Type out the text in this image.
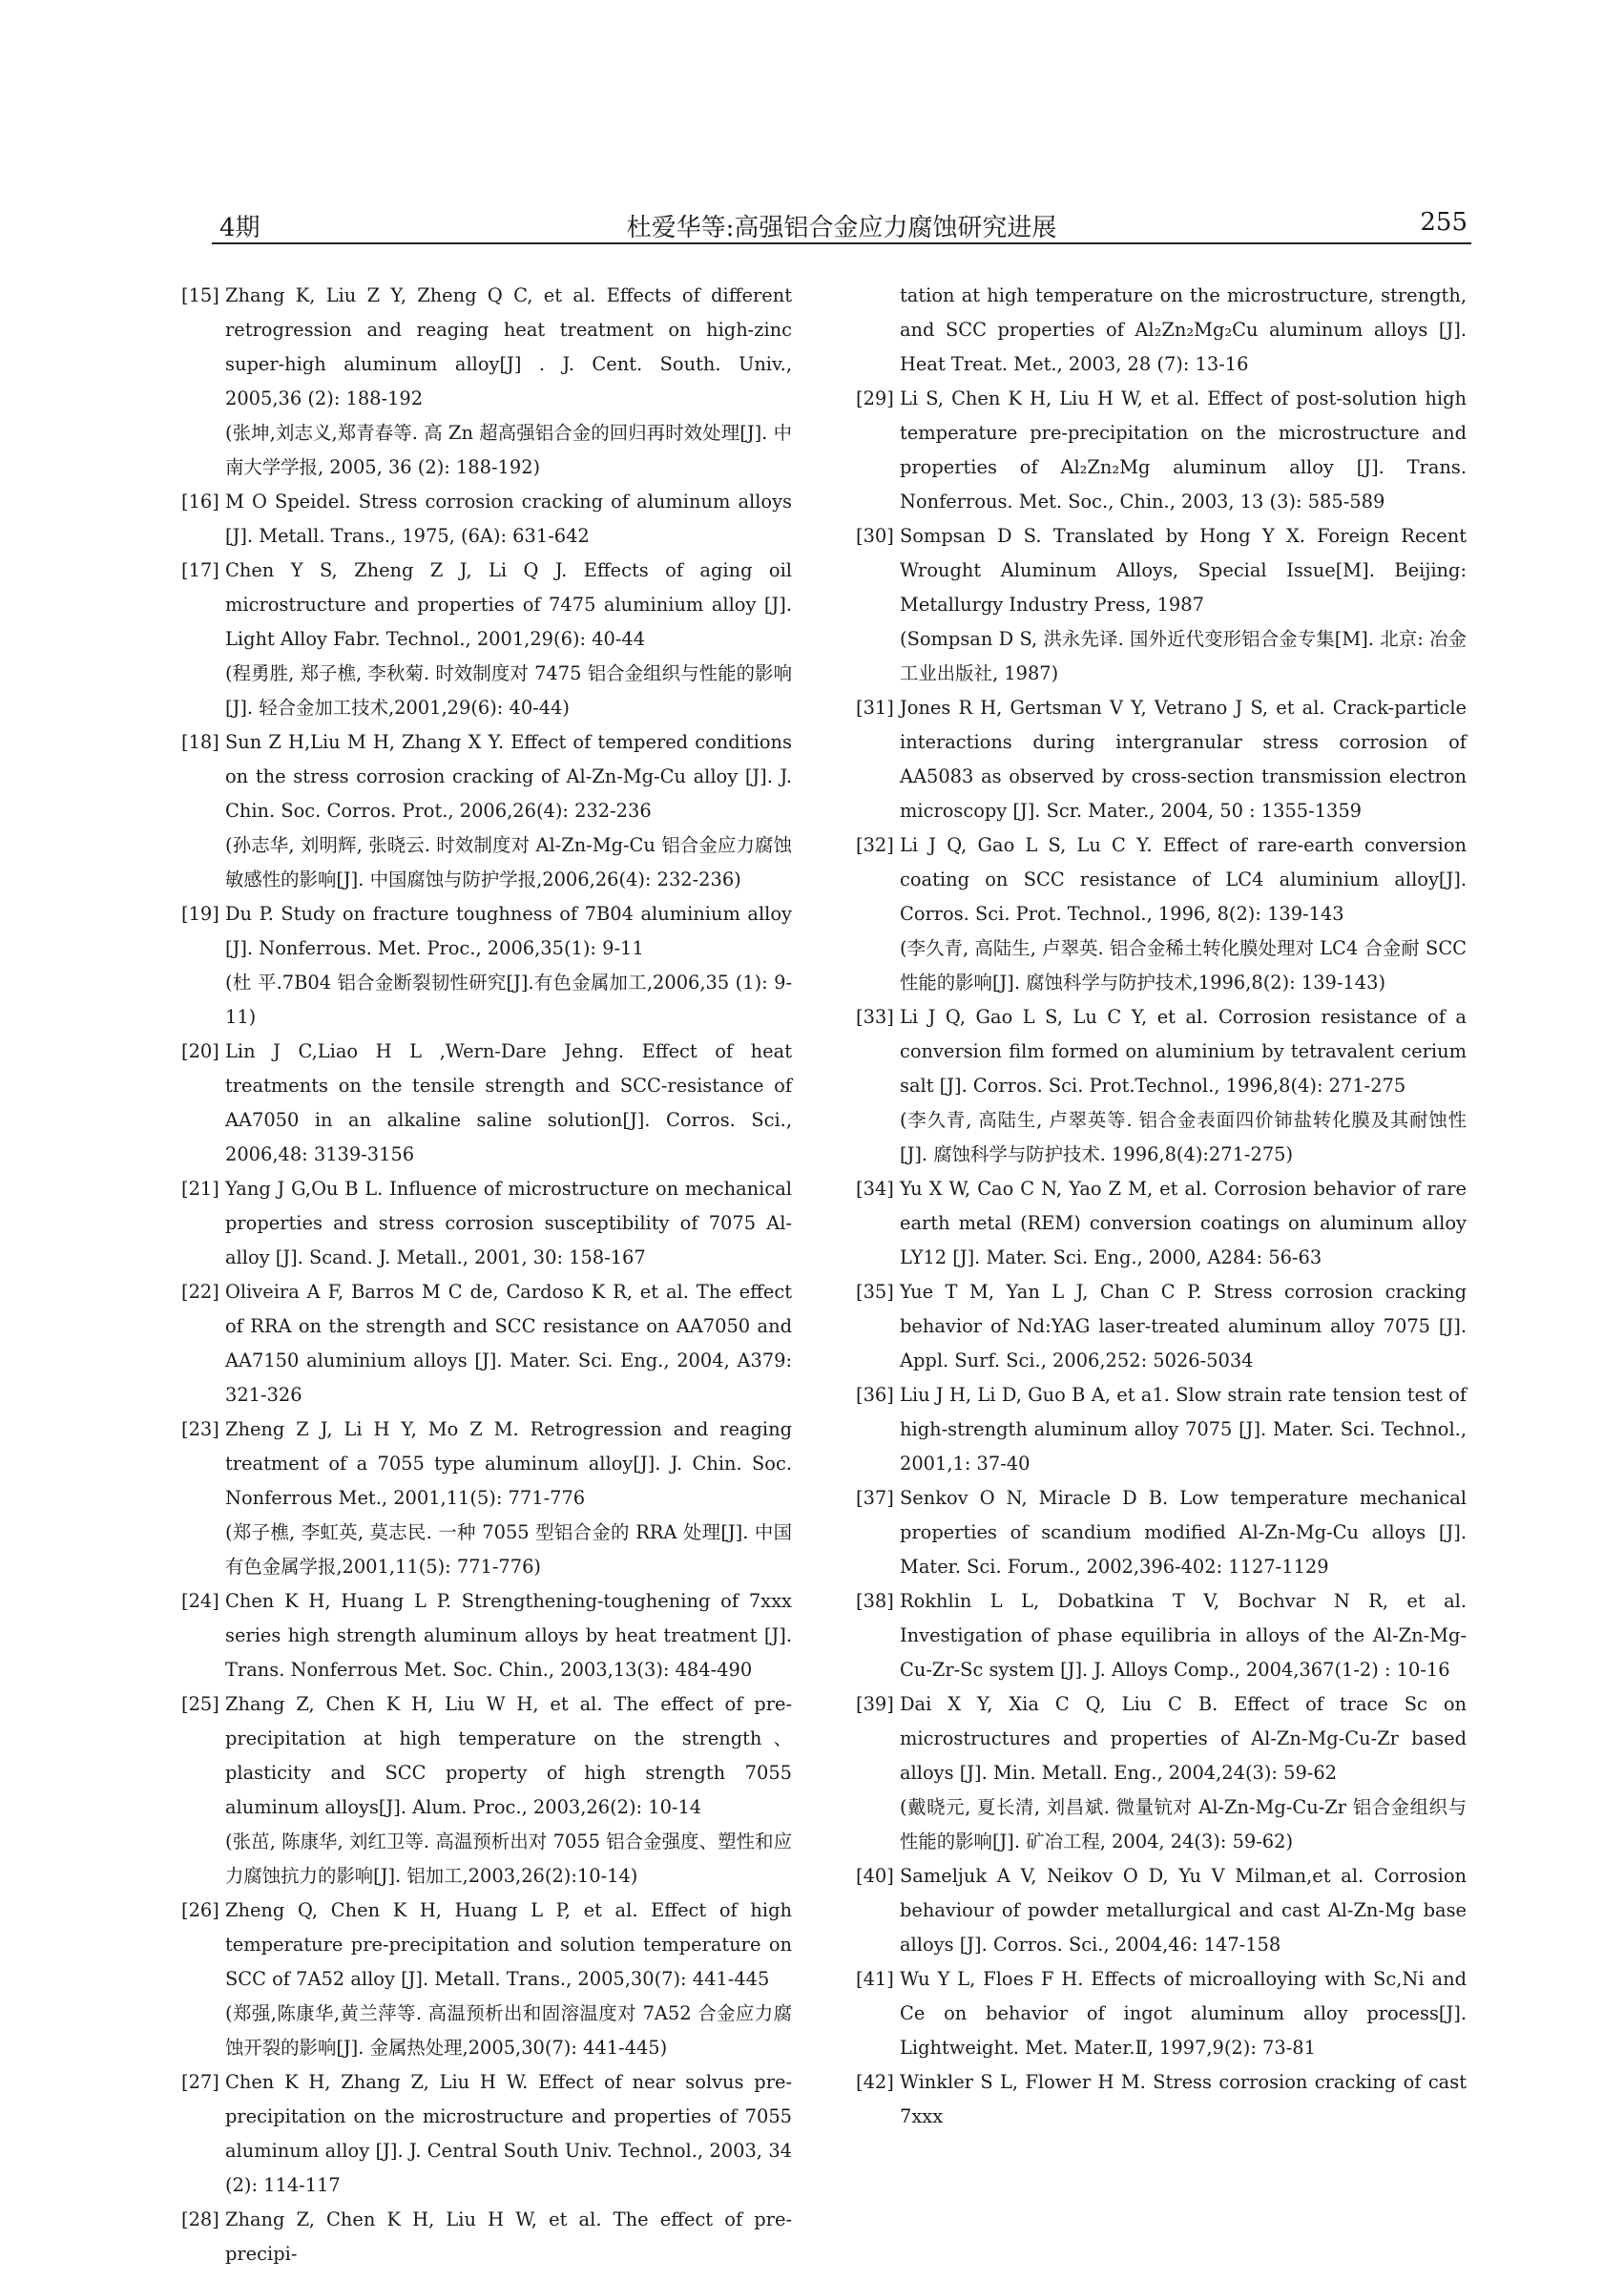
4期	杜爱华等:高强铝合金应力腐蚀研究进展	255
[15] Zhang K, Liu Z Y, Zheng Q C, et al. Effects of different retrogression and reaging heat treatment on high-zinc super-high aluminum alloy[J] . J. Cent. South. Univ., 2005,36 (2): 188-192
(张坤,刘志义,郑青春等. 高 Zn 超高强铝合金的回归再时效处理[J]. 中南大学学报, 2005, 36 (2): 188-192)
[16] M O Speidel. Stress corrosion cracking of aluminum alloys [J]. Metall. Trans., 1975, (6A): 631-642
[17] Chen Y S, Zheng Z J, Li Q J. Effects of aging oil microstructure and properties of 7475 aluminium alloy [J]. Light Alloy Fabr. Technol., 2001,29(6): 40-44
(程勇胜, 郑子樵, 李秋菊. 时效制度对 7475 铝合金组织与性能的影响[J]. 轻合金加工技术,2001,29(6): 40-44)
[18] Sun Z H,Liu M H, Zhang X Y. Effect of tempered conditions on the stress corrosion cracking of Al-Zn-Mg-Cu alloy [J]. J. Chin. Soc. Corros. Prot., 2006,26(4): 232-236
(孙志华, 刘明辉, 张晓云. 时效制度对 Al-Zn-Mg-Cu 铝合金应力腐蚀敏感性的影响[J]. 中国腐蚀与防护学报,2006,26(4): 232-236)
[19] Du P. Study on fracture toughness of 7B04 aluminium alloy [J]. Nonferrous. Met. Proc., 2006,35(1): 9-11
(杜 平.7B04 铝合金断裂韧性研究[J].有色金属加工,2006,35 (1): 9-11)
[20] Lin J C,Liao H L ,Wern-Dare Jehng. Effect of heat treatments on the tensile strength and SCC-resistance of AA7050 in an alkaline saline solution[J]. Corros. Sci., 2006,48: 3139-3156
[21] Yang J G,Ou B L. Influence of microstructure on mechanical properties and stress corrosion susceptibility of 7075 Al-alloy [J]. Scand. J. Metall., 2001, 30: 158-167
[22] Oliveira A F, Barros M C de, Cardoso K R, et al. The effect of RRA on the strength and SCC resistance on AA7050 and AA7150 aluminium alloys [J]. Mater. Sci. Eng., 2004, A379: 321-326
[23] Zheng Z J, Li H Y, Mo Z M. Retrogression and reaging treatment of a 7055 type aluminum alloy[J]. J. Chin. Soc. Nonferrous Met., 2001,11(5): 771-776
(郑子樵, 李虹英, 莫志民. 一种 7055 型铝合金的 RRA 处理[J]. 中国有色金属学报,2001,11(5): 771-776)
[24] Chen K H, Huang L P. Strengthening-toughening of 7xxx series high strength aluminum alloys by heat treatment [J]. Trans. Nonferrous Met. Soc. Chin., 2003,13(3): 484-490
[25] Zhang Z, Chen K H, Liu W H, et al. The effect of pre-precipitation at high temperature on the strength、plasticity and SCC property of high strength 7055 aluminum alloys[J]. Alum. Proc., 2003,26(2): 10-14
(张茁, 陈康华, 刘红卫等. 高温预析出对 7055 铝合金强度、塑性和应力腐蚀抗力的影响[J]. 铝加工,2003,26(2):10-14)
[26] Zheng Q, Chen K H, Huang L P, et al. Effect of high temperature pre-precipitation and solution temperature on SCC of 7A52 alloy [J]. Metall. Trans., 2005,30(7): 441-445
(郑强,陈康华,黄兰萍等. 高温预析出和固溶温度对 7A52 合金应力腐蚀开裂的影响[J]. 金属热处理,2005,30(7): 441-445)
[27] Chen K H, Zhang Z, Liu H W. Effect of near solvus pre-precipitation on the microstructure and properties of 7055 aluminum alloy [J]. J. Central South Univ. Technol., 2003, 34 (2): 114-117
[28] Zhang Z, Chen K H, Liu H W, et al. The effect of pre- precipi-
tation at high temperature on the microstructure, strength, and SCC properties of Al₂Zn₂Mg₂Cu aluminum alloys [J]. Heat Treat. Met., 2003, 28 (7): 13-16
[29] Li S, Chen K H, Liu H W, et al. Effect of post-solution high temperature pre-precipitation on the microstructure and properties of Al₂Zn₂Mg aluminum alloy [J]. Trans. Nonferrous. Met. Soc., Chin., 2003, 13 (3): 585-589
[30] Sompsan D S. Translated by Hong Y X. Foreign Recent Wrought Aluminum Alloys, Special Issue[M]. Beijing: Metallurgy Industry Press, 1987
(Sompsan D S, 洪永先译. 国外近代变形铝合金专集[M]. 北京: 冶金工业出版社, 1987)
[31] Jones R H, Gertsman V Y, Vetrano J S, et al. Crack-particle interactions during intergranular stress corrosion of AA5083 as observed by cross-section transmission electron microscopy [J]. Scr. Mater., 2004, 50 : 1355-1359
[32] Li J Q, Gao L S, Lu C Y. Effect of rare-earth conversion coating on SCC resistance of LC4 aluminium alloy[J]. Corros. Sci. Prot. Technol., 1996, 8(2): 139-143
(李久青, 高陆生, 卢翠英. 铝合金稀土转化膜处理对 LC4 合金耐 SCC 性能的影响[J]. 腐蚀科学与防护技术,1996,8(2): 139-143)
[33] Li J Q, Gao L S, Lu C Y, et al. Corrosion resistance of a conversion film formed on aluminium by tetravalent cerium salt [J]. Corros. Sci. Prot.Technol., 1996,8(4): 271-275
(李久青, 高陆生, 卢翠英等. 铝合金表面四价铈盐转化膜及其耐蚀性[J]. 腐蚀科学与防护技术. 1996,8(4):271-275)
[34] Yu X W, Cao C N, Yao Z M, et al. Corrosion behavior of rare earth metal (REM) conversion coatings on aluminum alloy LY12 [J]. Mater. Sci. Eng., 2000, A284: 56-63
[35] Yue T M, Yan L J, Chan C P. Stress corrosion cracking behavior of Nd:YAG laser-treated aluminum alloy 7075 [J]. Appl. Surf. Sci., 2006,252: 5026-5034
[36] Liu J H, Li D, Guo B A, et a1. Slow strain rate tension test of high-strength aluminum alloy 7075 [J]. Mater. Sci. Technol., 2001,1: 37-40
[37] Senkov O N, Miracle D B. Low temperature mechanical properties of scandium modified Al-Zn-Mg-Cu alloys [J]. Mater. Sci. Forum., 2002,396-402: 1127-1129
[38] Rokhlin L L, Dobatkina T V, Bochvar N R, et al. Investigation of phase equilibria in alloys of the Al-Zn-Mg-Cu-Zr-Sc system [J]. J. Alloys Comp., 2004,367(1-2) : 10-16
[39] Dai X Y, Xia C Q, Liu C B. Effect of trace Sc on microstructures and properties of Al-Zn-Mg-Cu-Zr based alloys [J]. Min. Metall. Eng., 2004,24(3): 59-62
(戴晓元, 夏长清, 刘昌斌. 微量钪对 Al-Zn-Mg-Cu-Zr 铝合金组织与性能的影响[J]. 矿冶工程, 2004, 24(3): 59-62)
[40] Sameljuk A V, Neikov O D, Yu V Milman,et al. Corrosion behaviour of powder metallurgical and cast Al-Zn-Mg base alloys [J]. Corros. Sci., 2004,46: 147-158
[41] Wu Y L, Floes F H. Effects of microalloying with Sc,Ni and Ce on behavior of ingot aluminum alloy process[J]. Lightweight. Met. Mater.Ⅱ, 1997,9(2): 73-81
[42] Winkler S L, Flower H M. Stress corrosion cracking of cast 7xxx
